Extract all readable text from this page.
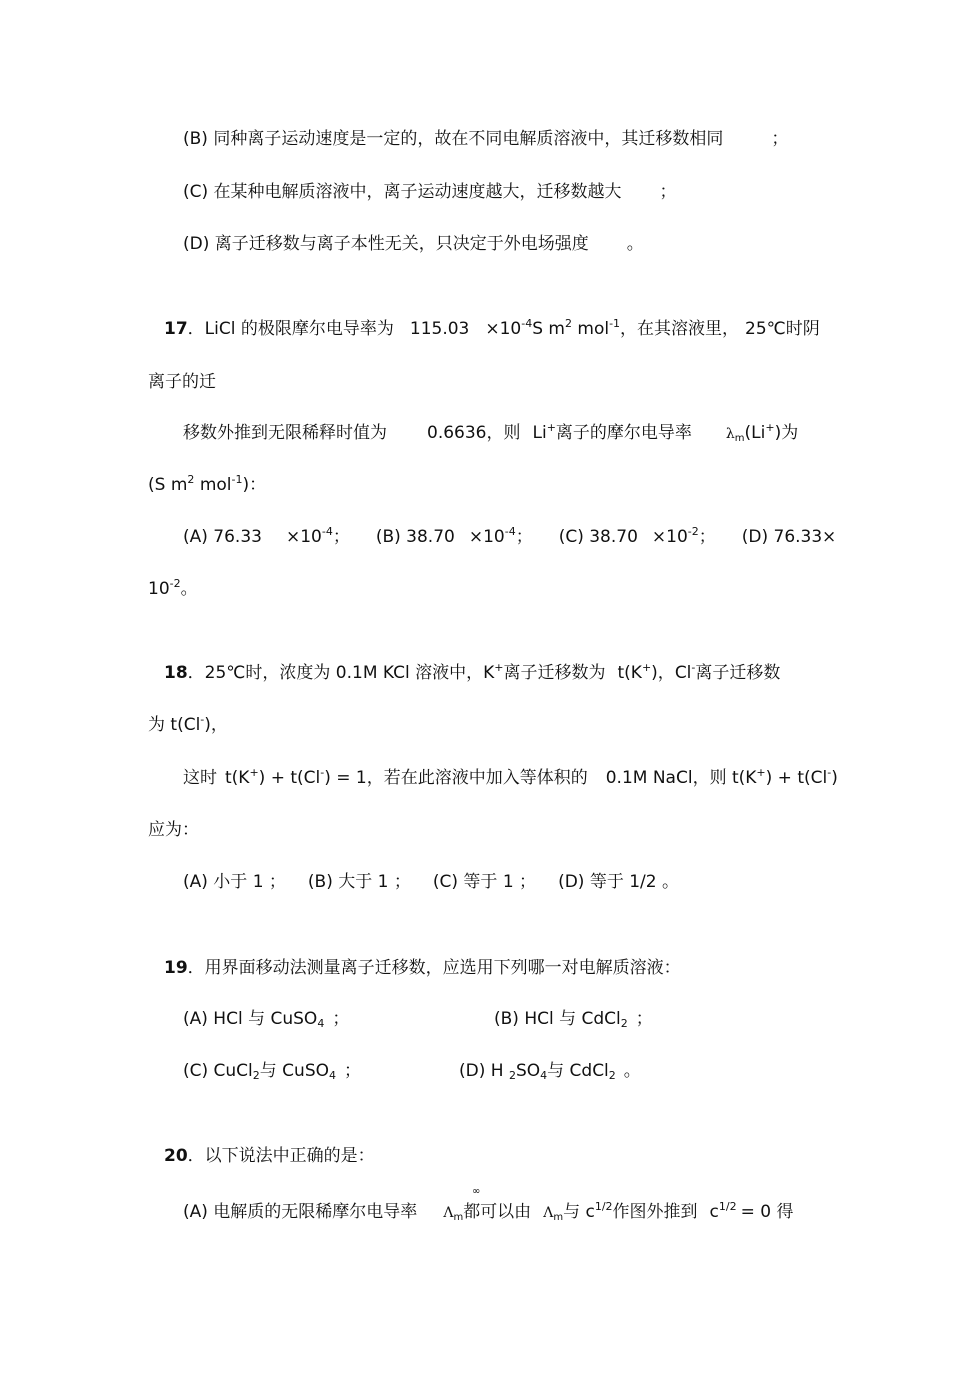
(B) 同种离子运动速度是一定的，故在不同电解质溶液中，其迁移数相同	；
(C) 在某种电解质溶液中，离子运动速度越大，迁移数越大 ；
(D) 离子迁移数与离子本性无关，只决定于外电场强度 。
17．LiCl 的极限摩尔电导率为 $115.03 \times 10^{-4}S$ $m^2$ mol$^{-1}$，在其溶液里， 25℃时阴
离子的迁
移数外推到无限稀释时值为 0.6636，则 Li+离子的摩尔电导率 $\lambda_m(Li^+)$为
(S $m^2$ mol$^{-1}$)：
(A) $76.33 \times 10^{-4}$； (B) $38.70 \times 10^{-4}$； (C) $38.70 \times 10^{-2}$； (D) 76.33 ×
$10^{-2}$。
18．25℃时，浓度为 0.1M KCl 溶液中，K+离子迁移数为 t(K+)，Cl-离子迁移数
为 t(Cl-)，
这时 t(K+) + t(Cl-) = 1，若在此溶液中加入等体积的 0.1M NaCl，则 t(K+) + t(Cl-)
应为：
(A) 小于 1 ； (B) 大于 1 ； (C) 等于 1 ； (D) 等于 1/2 。
19．用界面移动法测量离子迁移数，应选用下列哪一对电解质溶液：
(A) HCl 与 CuSO$_4$ ；	(B) HCl 与 CdCl$_2$ ；
(C) CuCl$_2$与 CuSO$_4$ ；	(D) H $_2SO_4$与 CdCl$_2$ 。
20．以下说法中正确的是：
∞
(A) 电解质的无限稀摩尔电导率 $\Lambda_m$都可以由 $\Lambda_m$与 $c^{1/2}$作图外推到 $c^{1/2} = 0$ 得
